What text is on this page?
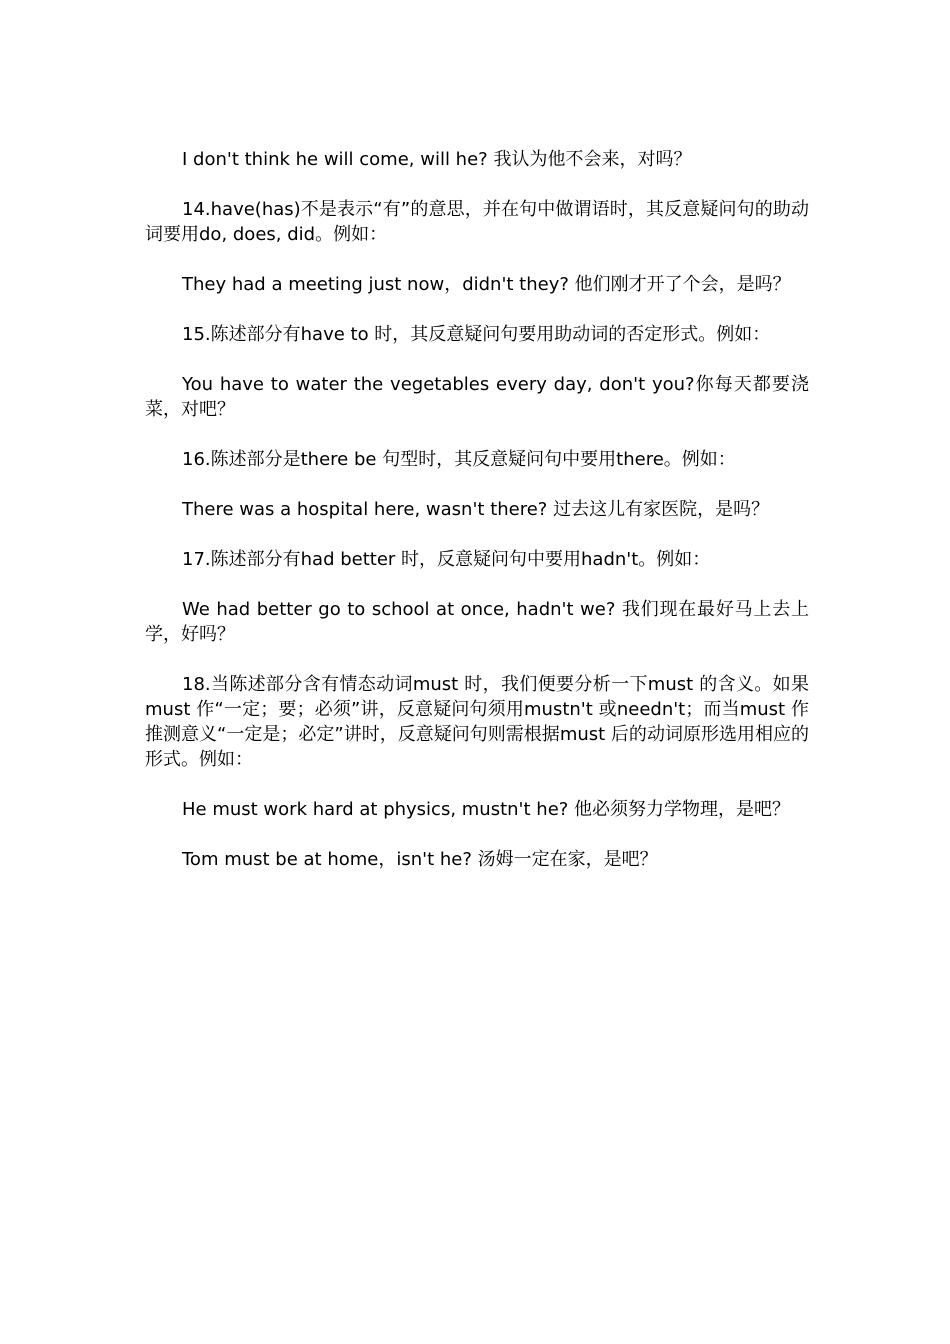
I don't think he will come, will he? 我认为他不会来，对吗？

14.have(has)不是表示“有”的意思，并在句中做谓语时，其反意疑问句的助动词要用do, does, did。例如：

They had a meeting just now，didn't they? 他们刚才开了个会，是吗？

15.陈述部分有have to 时，其反意疑问句要用助动词的否定形式。例如：

You have to water the vegetables every day, don't you?你每天都要浇菜，对吧？

16.陈述部分是there be 句型时，其反意疑问句中要用there。例如：

There was a hospital here, wasn't there? 过去这儿有家医院，是吗？

17.陈述部分有had better 时，反意疑问句中要用hadn't。例如：

We had better go to school at once, hadn't we? 我们现在最好马上去上学，好吗？

18.当陈述部分含有情态动词must 时，我们便要分析一下must 的含义。如果must 作“一定；要；必须”讲，反意疑问句须用mustn't 或needn't；而当must 作推测意义“一定是；必定”讲时，反意疑问句则需根据must 后的动词原形选用相应的形式。例如：

He must work hard at physics, mustn't he? 他必须努力学物理，是吧？

Tom must be at home，isn't he? 汤姆一定在家，是吧？
